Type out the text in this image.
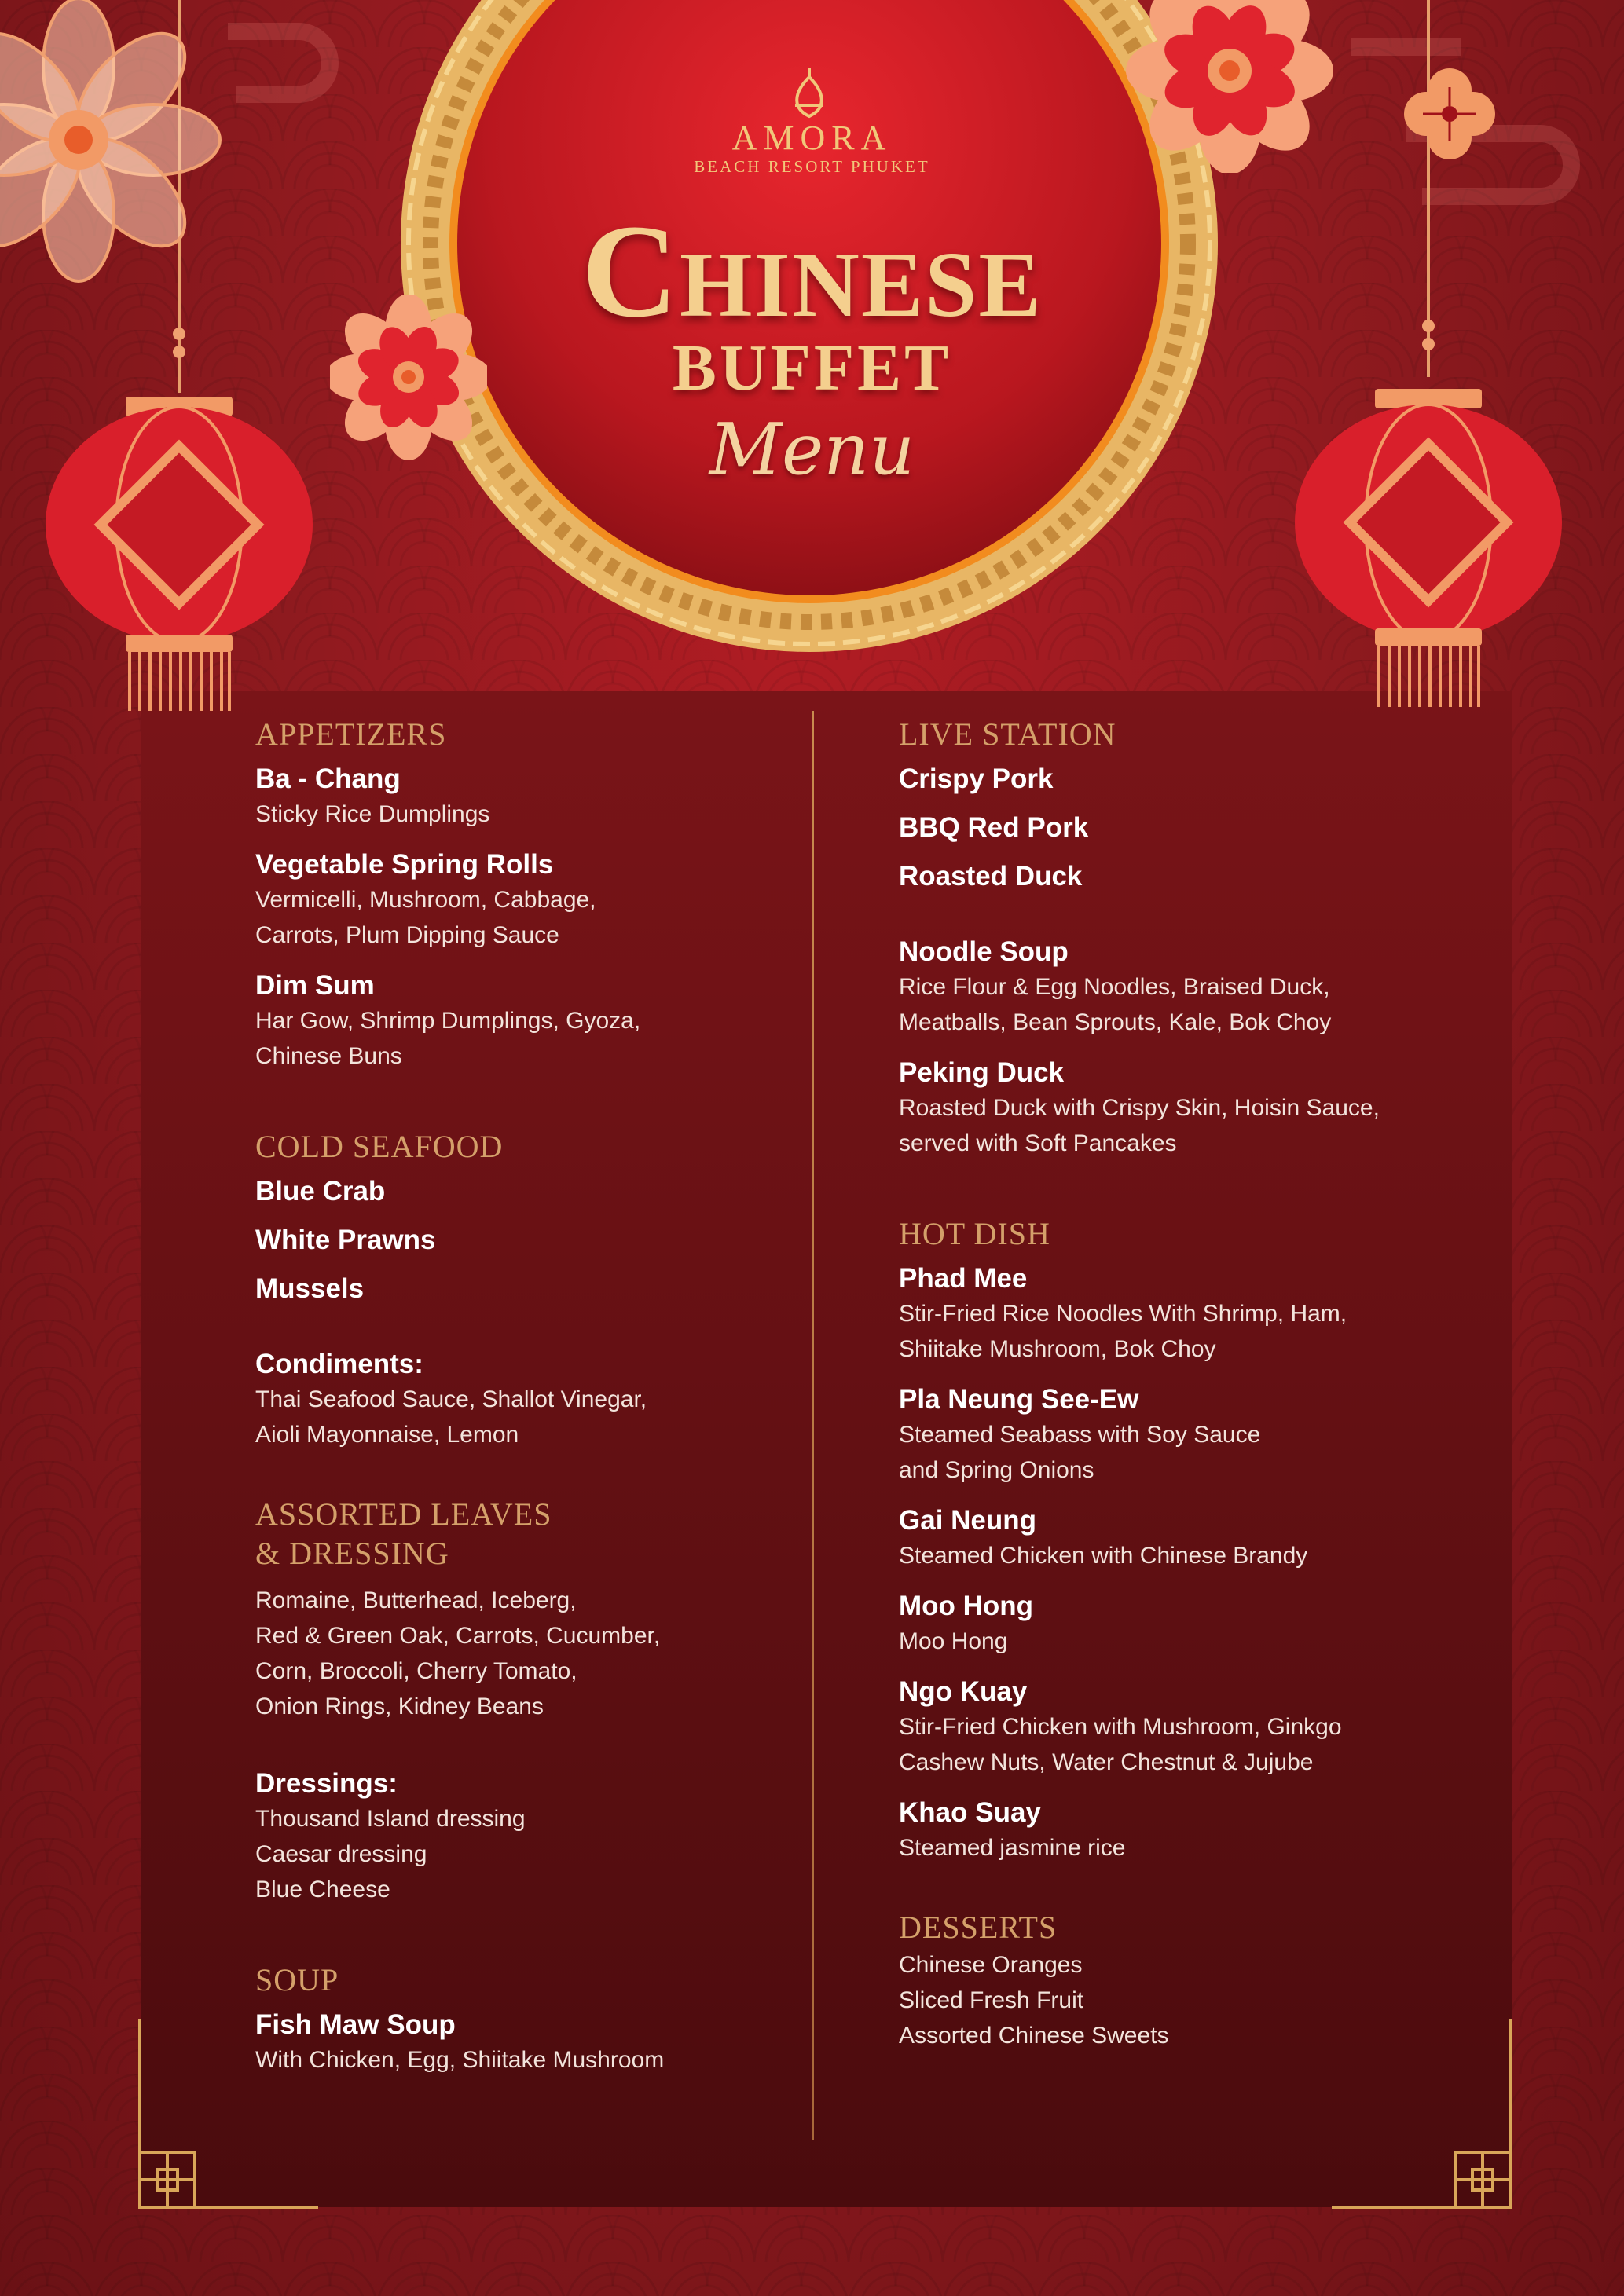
AMORA
BEACH RESORT PHUKET
Chinese
BUFFET
Menu
APPETIZERS
Ba - Chang
Sticky Rice Dumplings
Vegetable Spring Rolls
Vermicelli, Mushroom, Cabbage,
Carrots, Plum Dipping Sauce
Dim Sum
Har Gow, Shrimp Dumplings, Gyoza,
Chinese Buns
COLD SEAFOOD
Blue Crab
White Prawns
Mussels
Condiments:
Thai Seafood Sauce, Shallot Vinegar,
Aioli Mayonnaise, Lemon
ASSORTED LEAVES
& DRESSING
Romaine, Butterhead, Iceberg,
Red & Green Oak, Carrots, Cucumber,
Corn, Broccoli, Cherry Tomato,
Onion Rings, Kidney Beans
Dressings:
Thousand Island dressing
Caesar dressing
Blue Cheese
SOUP
Fish Maw Soup
With Chicken, Egg, Shiitake Mushroom
LIVE STATION
Crispy Pork
BBQ Red Pork
Roasted Duck
Noodle Soup
Rice Flour & Egg Noodles, Braised Duck,
Meatballs, Bean Sprouts, Kale, Bok Choy
Peking Duck
Roasted Duck with Crispy Skin, Hoisin Sauce,
served with Soft Pancakes
HOT DISH
Phad Mee
Stir-Fried Rice Noodles With Shrimp, Ham,
Shiitake Mushroom, Bok Choy
Pla Neung See-Ew
Steamed Seabass with Soy Sauce
and Spring Onions
Gai Neung
Steamed Chicken with Chinese Brandy
Moo Hong
Moo Hong
Ngo Kuay
Stir-Fried Chicken with Mushroom, Ginkgo
Cashew Nuts, Water Chestnut & Jujube
Khao Suay
Steamed jasmine rice
DESSERTS
Chinese Oranges
Sliced Fresh Fruit
Assorted Chinese Sweets
